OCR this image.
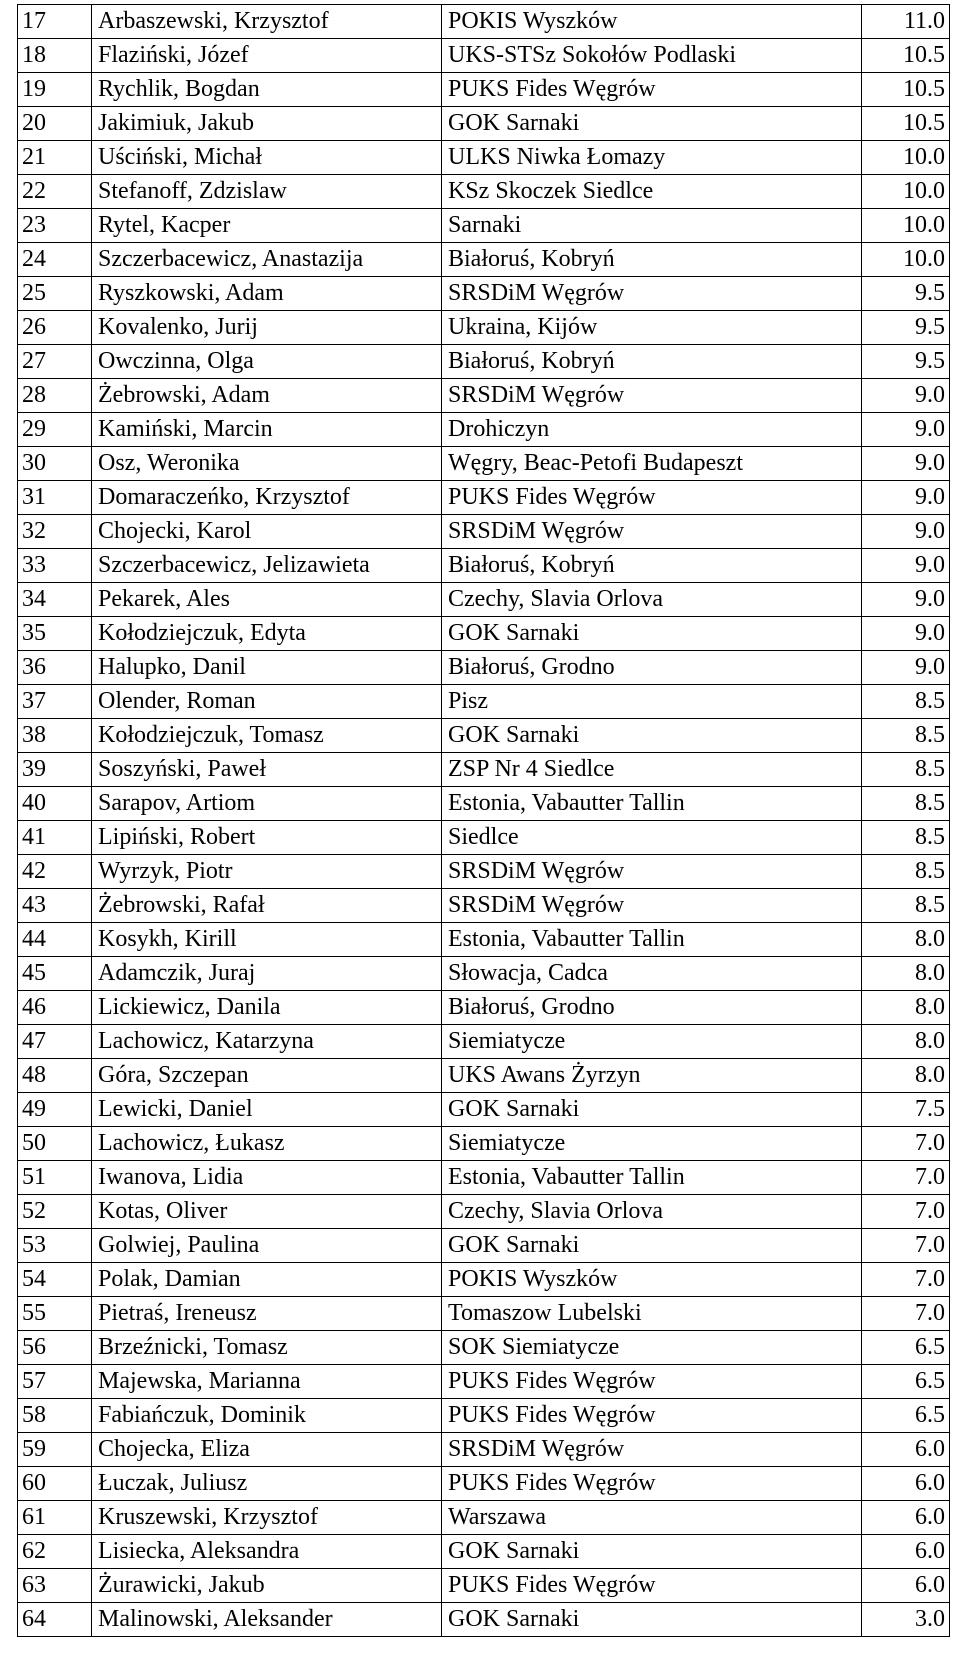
17	Arbaszewski, Krzysztof	POKIS Wyszków	11.0
18	Flaziński, Józef	UKS-STSz Sokołów Podlaski	10.5
19	Rychlik, Bogdan	PUKS Fides Węgrów	10.5
20	Jakimiuk, Jakub	GOK Sarnaki	10.5
21	Uściński, Michał	ULKS Niwka Łomazy	10.0
22	Stefanoff, Zdzislaw	KSz Skoczek Siedlce	10.0
23	Rytel, Kacper	Sarnaki	10.0
24	Szczerbacewicz, Anastazija	Białoruś, Kobryń	10.0
25	Ryszkowski, Adam	SRSDiM Węgrów	9.5
26	Kovalenko, Jurij	Ukraina, Kijów	9.5
27	Owczinna, Olga	Białoruś, Kobryń	9.5
28	Żebrowski, Adam	SRSDiM Węgrów	9.0
29	Kamiński, Marcin	Drohiczyn	9.0
30	Osz, Weronika	Węgry, Beac-Petofi Budapeszt	9.0
31	Domaraczeńko, Krzysztof	PUKS Fides Węgrów	9.0
32	Chojecki, Karol	SRSDiM Węgrów	9.0
33	Szczerbacewicz, Jelizawieta	Białoruś, Kobryń	9.0
34	Pekarek, Ales	Czechy, Slavia Orlova	9.0
35	Kołodziejczuk, Edyta	GOK Sarnaki	9.0
36	Halupko, Danil	Białoruś, Grodno	9.0
37	Olender, Roman	Pisz	8.5
38	Kołodziejczuk, Tomasz	GOK Sarnaki	8.5
39	Soszyński, Paweł	ZSP Nr 4 Siedlce	8.5
40	Sarapov, Artiom	Estonia, Vabautter Tallin	8.5
41	Lipiński, Robert	Siedlce	8.5
42	Wyrzyk, Piotr	SRSDiM Węgrów	8.5
43	Żebrowski, Rafał	SRSDiM Węgrów	8.5
44	Kosykh, Kirill	Estonia, Vabautter Tallin	8.0
45	Adamczik, Juraj	Słowacja, Cadca	8.0
46	Lickiewicz, Danila	Białoruś, Grodno	8.0
47	Lachowicz, Katarzyna	Siemiatycze	8.0
48	Góra, Szczepan	UKS Awans Żyrzyn	8.0
49	Lewicki, Daniel	GOK Sarnaki	7.5
50	Lachowicz, Łukasz	Siemiatycze	7.0
51	Iwanova, Lidia	Estonia, Vabautter Tallin	7.0
52	Kotas, Oliver	Czechy, Slavia Orlova	7.0
53	Golwiej, Paulina	GOK Sarnaki	7.0
54	Polak, Damian	POKIS Wyszków	7.0
55	Pietraś, Ireneusz	Tomaszow Lubelski	7.0
56	Brzeźnicki, Tomasz	SOK Siemiatycze	6.5
57	Majewska, Marianna	PUKS Fides Węgrów	6.5
58	Fabiańczuk, Dominik	PUKS Fides Węgrów	6.5
59	Chojecka, Eliza	SRSDiM Węgrów	6.0
60	Łuczak, Juliusz	PUKS Fides Węgrów	6.0
61	Kruszewski, Krzysztof	Warszawa	6.0
62	Lisiecka, Aleksandra	GOK Sarnaki	6.0
63	Żurawicki, Jakub	PUKS Fides Węgrów	6.0
64	Malinowski, Aleksander	GOK Sarnaki	3.0
